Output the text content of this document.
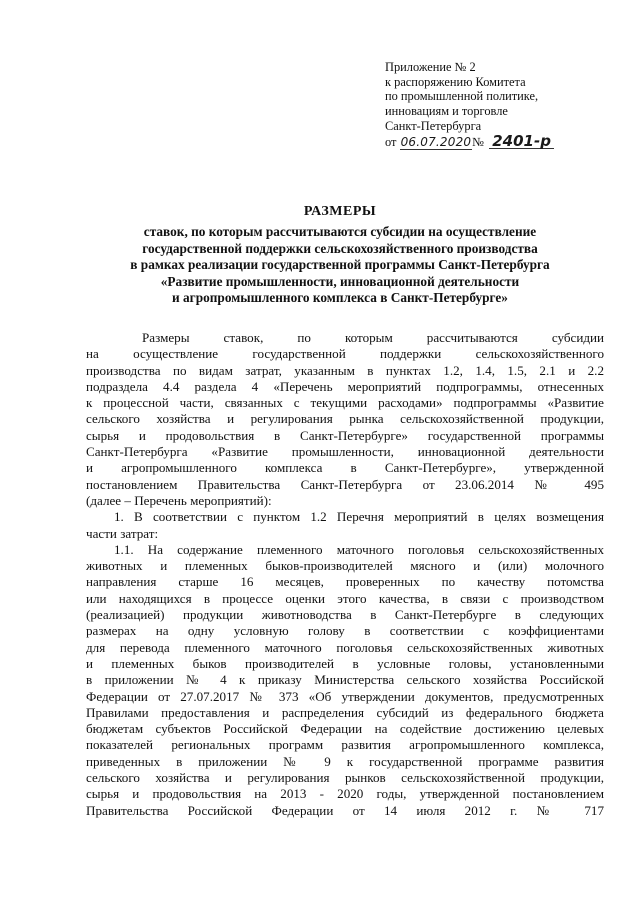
Приложение № 2
к распоряжению Комитета
по промышленной политике,
инновациям и торговле
Санкт-Петербурга
от 06.07.2020№ 2401-р
РАЗМЕРЫ
ставок, по которым рассчитываются субсидии на осуществление
государственной поддержки сельскохозяйственного производства
в рамках реализации государственной программы Санкт-Петербурга
«Развитие промышленности, инновационной деятельности
и агропромышленного комплекса в Санкт-Петербурге»
Размеры ставок, по которым рассчитываются субсидии
на осуществление государственной поддержки сельскохозяйственного
производства по видам затрат, указанным в пунктах 1.2, 1.4, 1.5, 2.1 и 2.2
подраздела 4.4 раздела 4 «Перечень мероприятий подпрограммы, отнесенных
к процессной части, связанных с текущими расходами» подпрограммы «Развитие
сельского хозяйства и регулирования рынка сельскохозяйственной продукции,
сырья и продовольствия в Санкт-Петербурге» государственной программы
Санкт-Петербурга «Развитие промышленности, инновационной деятельности
и агропромышленного комплекса в Санкт-Петербурге», утвержденной
постановлением Правительства Санкт-Петербурга от 23.06.2014 № 495
(далее – Перечень мероприятий):
1. В соответствии с пунктом 1.2 Перечня мероприятий в целях возмещения
части затрат:
1.1. На содержание племенного маточного поголовья сельскохозяйственных
животных и племенных быков-производителей мясного и (или) молочного
направления старше 16 месяцев, проверенных по качеству потомства
или находящихся в процессе оценки этого качества, в связи с производством
(реализацией) продукции животноводства в Санкт-Петербурге в следующих
размерах на одну условную голову в соответствии с коэффициентами
для перевода племенного маточного поголовья сельскохозяйственных животных
и племенных быков производителей в условные головы, установленными
в приложении № 4 к приказу Министерства сельского хозяйства Российской
Федерации от 27.07.2017 № 373 «Об утверждении документов, предусмотренных
Правилами предоставления и распределения субсидий из федерального бюджета
бюджетам субъектов Российской Федерации на содействие достижению целевых
показателей региональных программ развития агропромышленного комплекса,
приведенных в приложении № 9 к государственной программе развития
сельского хозяйства и регулирования рынков сельскохозяйственной продукции,
сырья и продовольствия на 2013 - 2020 годы, утвержденной постановлением
Правительства Российской Федерации от 14 июля 2012 г. № 717
